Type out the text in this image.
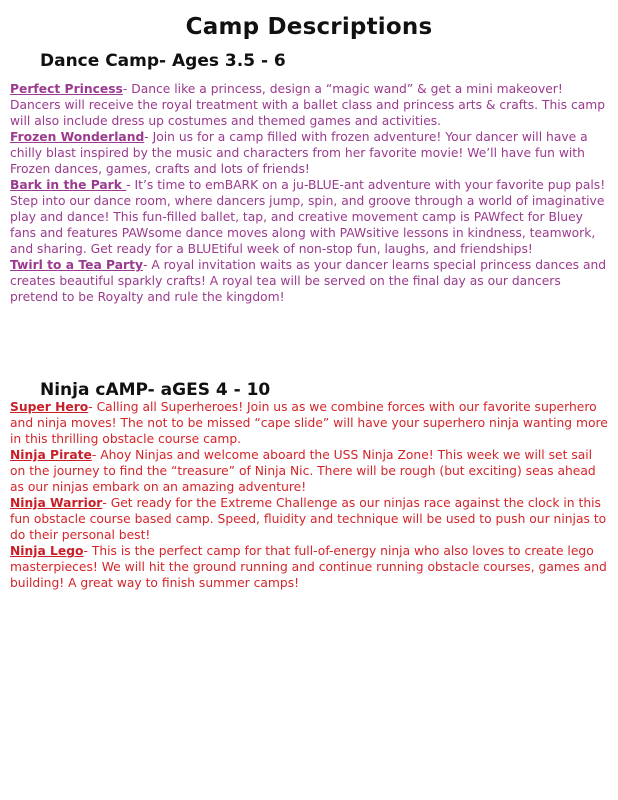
Camp Descriptions
Dance Camp- Ages 3.5 - 6

Perfect Princess- Dance like a princess, design a “magic wand” & get a mini makeover! Dancers will receive the royal treatment with a ballet class and princess arts & crafts. This camp will also include dress up costumes and themed games and activities.

Frozen Wonderland- Join us for a camp filled with frozen adventure! Your dancer will have a chilly blast inspired by the music and characters from her favorite movie! We’ll have fun with Frozen dances, games, crafts and lots of friends!

Bark in the Park - It’s time to emBARK on a ju-BLUE-ant adventure with your favorite pup pals! Step into our dance room, where dancers jump, spin, and groove through a world of imaginative play and dance! This fun-filled ballet, tap, and creative movement camp is PAWfect for Bluey fans and features PAWsome dance moves along with PAWsitive lessons in kindness, teamwork, and sharing. Get ready for a BLUEtiful week of non-stop fun, laughs, and friendships!

Twirl to a Tea Party- A royal invitation waits as your dancer learns special princess dances and creates beautiful sparkly crafts! A royal tea will be served on the final day as our dancers pretend to be Royalty and rule the kingdom!

Ninja cAMP- aGES 4 - 10

Super Hero- Calling all Superheroes! Join us as we combine forces with our favorite superhero and ninja moves! The not to be missed “cape slide” will have your superhero ninja wanting more in this thrilling obstacle course camp.

Ninja Pirate- Ahoy Ninjas and welcome aboard the USS Ninja Zone! This week we will set sail on the journey to find the “treasure” of Ninja Nic. There will be rough (but exciting) seas ahead as our ninjas embark on an amazing adventure!

Ninja Warrior- Get ready for the Extreme Challenge as our ninjas race against the clock in this fun obstacle course based camp. Speed, fluidity and technique will be used to push our ninjas to do their personal best!

Ninja Lego- This is the perfect camp for that full-of-energy ninja who also loves to create lego masterpieces! We will hit the ground running and continue running obstacle courses, games and building! A great way to finish summer camps!
